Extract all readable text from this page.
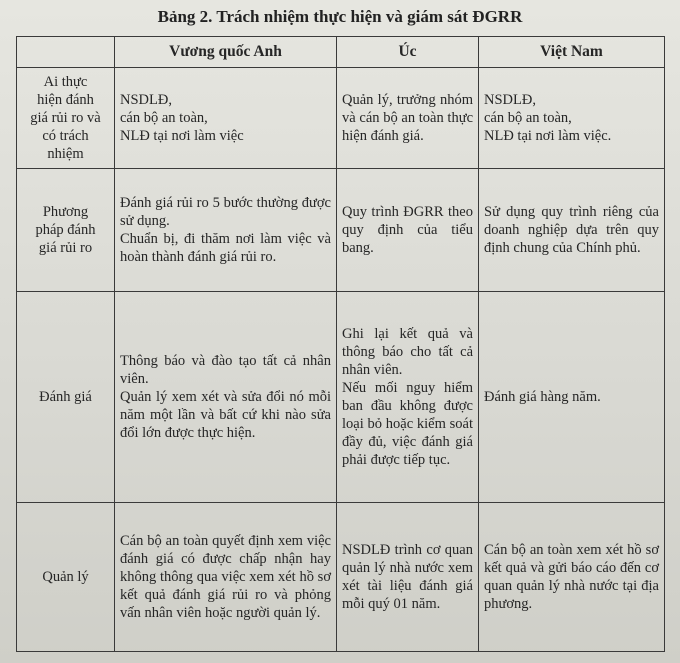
Bảng 2. Trách nhiệm thực hiện và giám sát ĐGRR
	Vương quốc Anh	Úc	Việt Nam

Ai thực
hiện đánh
giá rủi ro và
có trách
nhiệm	NSDLĐ,
cán bộ an toàn,
NLĐ tại nơi làm việc	Quản lý, trưởng nhóm và cán bộ an toàn thực hiện đánh giá.	NSDLĐ,
cán bộ an toàn,
NLĐ tại nơi làm việc.

Phương
pháp đánh
giá rủi ro	Đánh giá rủi ro 5 bước thường được sử dụng.
Chuẩn bị, đi thăm nơi làm việc và hoàn thành đánh giá rủi ro.	Quy trình ĐGRR theo quy định của tiểu bang.	Sử dụng quy trình riêng của doanh nghiệp dựa trên quy định chung của Chính phủ.

Đánh giá	Thông báo và đào tạo tất cả nhân viên.
Quản lý xem xét và sửa đổi nó mỗi năm một lần và bất cứ khi nào sửa đổi lớn được thực hiện.	Ghi lại kết quả và thông báo cho tất cả nhân viên.
Nếu mối nguy hiểm ban đầu không được loại bỏ hoặc kiểm soát đầy đủ, việc đánh giá phải được tiếp tục.	Đánh giá hàng năm.

Quản lý	Cán bộ an toàn quyết định xem việc đánh giá có được chấp nhận hay không thông qua việc xem xét hồ sơ kết quả đánh giá rủi ro và phỏng vấn nhân viên hoặc người quản lý.	NSDLĐ trình cơ quan quản lý nhà nước xem xét tài liệu đánh giá mỗi quý 01 năm.	Cán bộ an toàn xem xét hồ sơ kết quả và gửi báo cáo đến cơ quan quản lý nhà nước tại địa phương.
